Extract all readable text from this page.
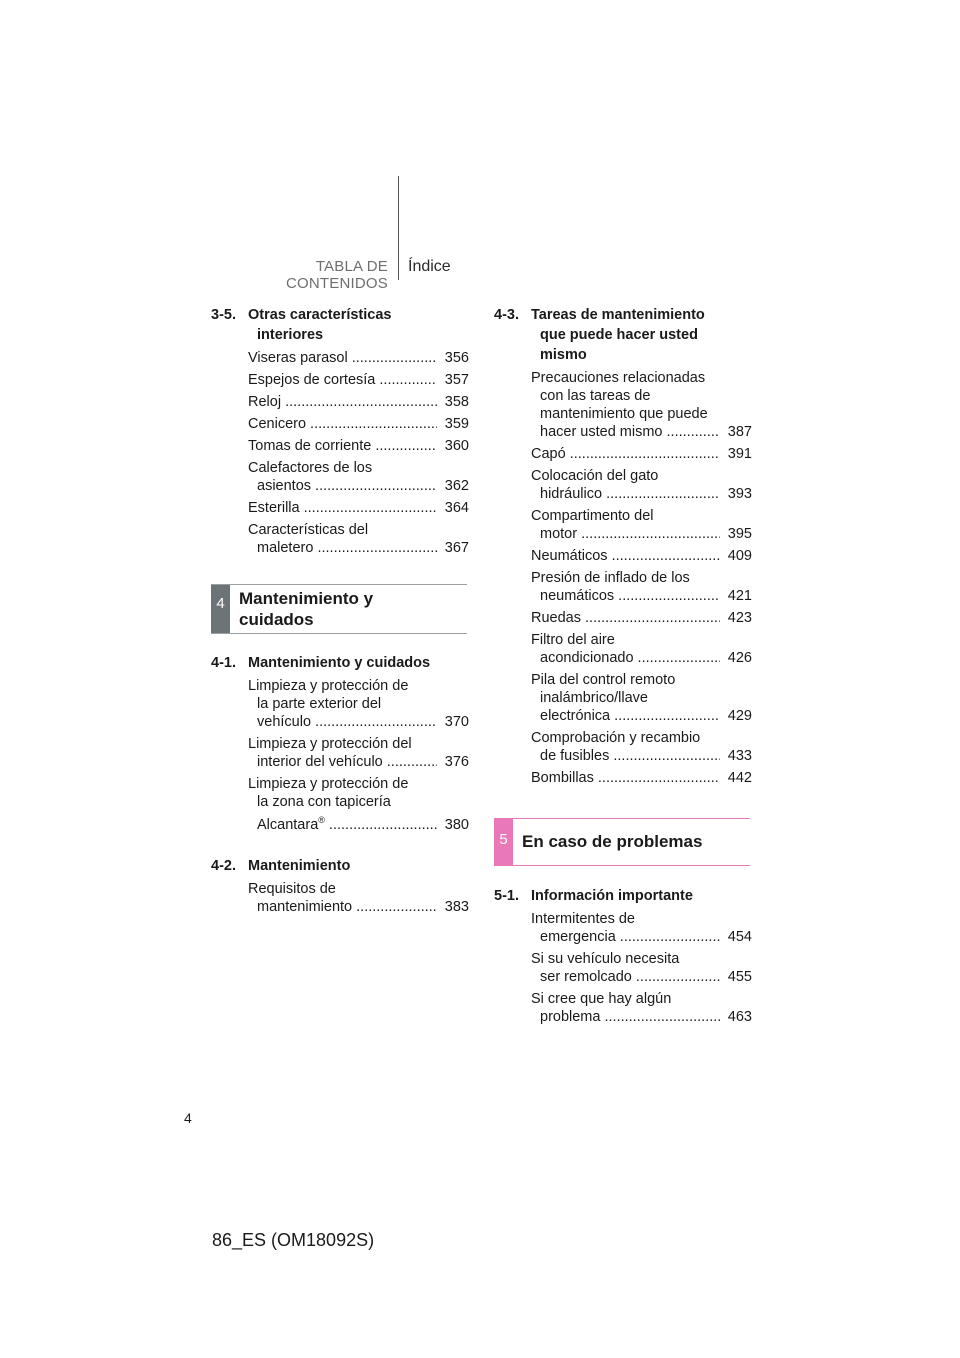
TABLA DE CONTENIDOS
Índice
3-5. Otras características
interiores
Viseras parasol .....	356
Espejos de cortesía .....	357
Reloj .....	358
Cenicero .....	359
Tomas de corriente .....	360
Calefactores de los
asientos .....	362
Esterilla .....	364
Características del
maletero .....	367
4 Mantenimiento y
cuidados
4-1. Mantenimiento y cuidados
Limpieza y protección de
la parte exterior del
vehículo .....	370
Limpieza y protección del
interior del vehículo .....	376
Limpieza y protección de
la zona con tapicería
Alcantara® .....	380
4-2. Mantenimiento
Requisitos de
mantenimiento .....	383
4-3. Tareas de mantenimiento
que puede hacer usted
mismo
Precauciones relacionadas
con las tareas de
mantenimiento que puede
hacer usted mismo .....	387
Capó .....	391
Colocación del gato
hidráulico .....	393
Compartimento del
motor .....	395
Neumáticos .....	409
Presión de inflado de los
neumáticos .....	421
Ruedas .....	423
Filtro del aire
acondicionado .....	426
Pila del control remoto
inalámbrico/llave
electrónica .....	429
Comprobación y recambio
de fusibles .....	433
Bombillas .....	442
5 En caso de problemas
5-1. Información importante
Intermitentes de
emergencia .....	454
Si su vehículo necesita
ser remolcado .....	455
Si cree que hay algún
problema .....	463
4
86_ES (OM18092S)
